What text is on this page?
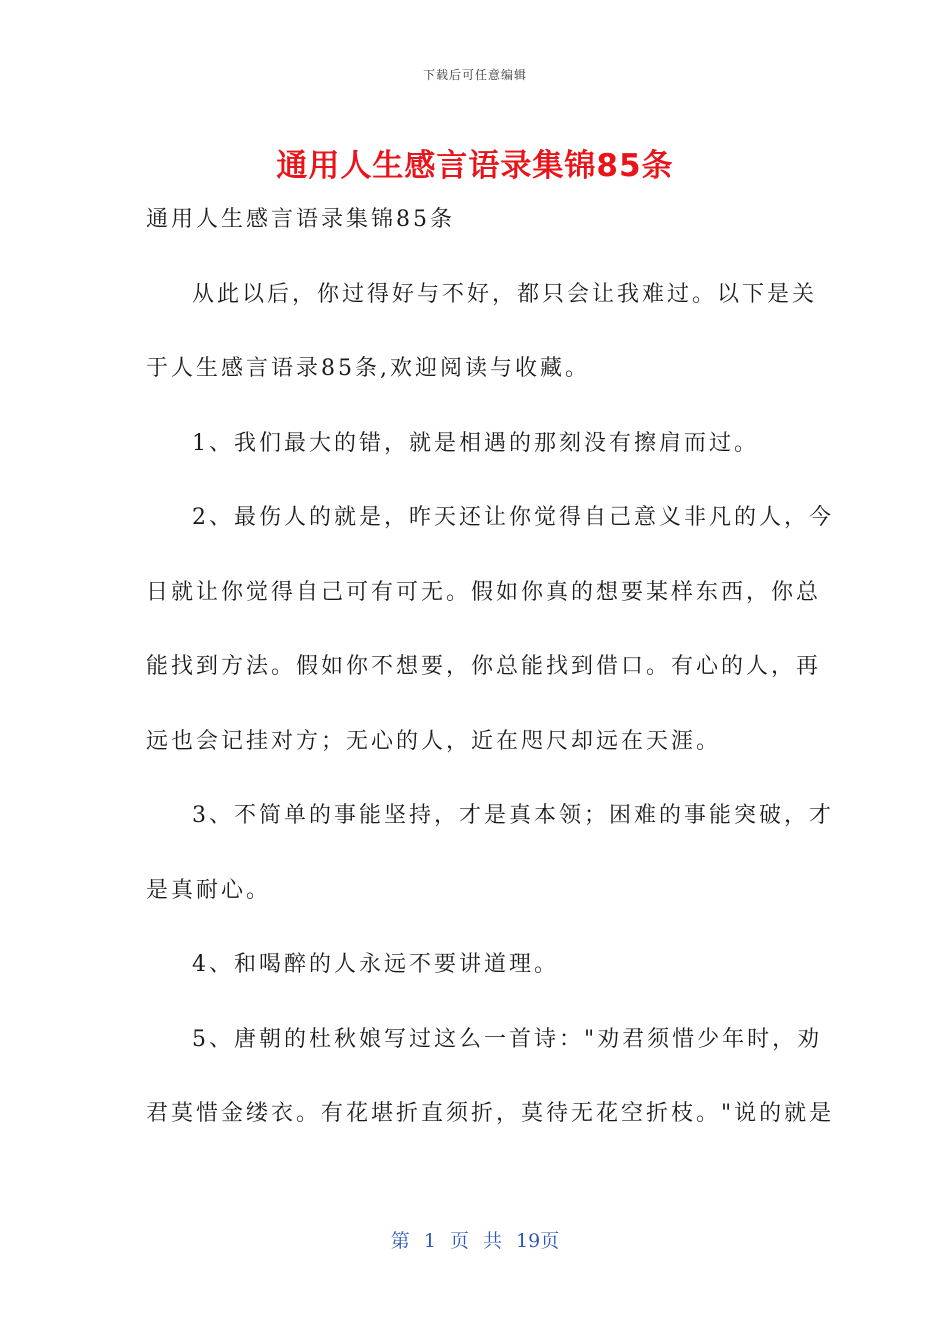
下载后可任意编辑
通用人生感言语录集锦85条
通用人生感言语录集锦85条
从此以后，你过得好与不好，都只会让我难过。以下是关
于人生感言语录85条,欢迎阅读与收藏。
1、我们最大的错，就是相遇的那刻没有擦肩而过。
2、最伤人的就是，昨天还让你觉得自己意义非凡的人，今
日就让你觉得自己可有可无。假如你真的想要某样东西，你总
能找到方法。假如你不想要，你总能找到借口。有心的人，再
远也会记挂对方；无心的人，近在咫尺却远在天涯。
3、不简单的事能坚持，才是真本领；困难的事能突破，才
是真耐心。
4、和喝醉的人永远不要讲道理。
5、唐朝的杜秋娘写过这么一首诗："劝君须惜少年时，劝
君莫惜金缕衣。有花堪折直须折，莫待无花空折枝。"说的就是
第 1 页 共 19页
